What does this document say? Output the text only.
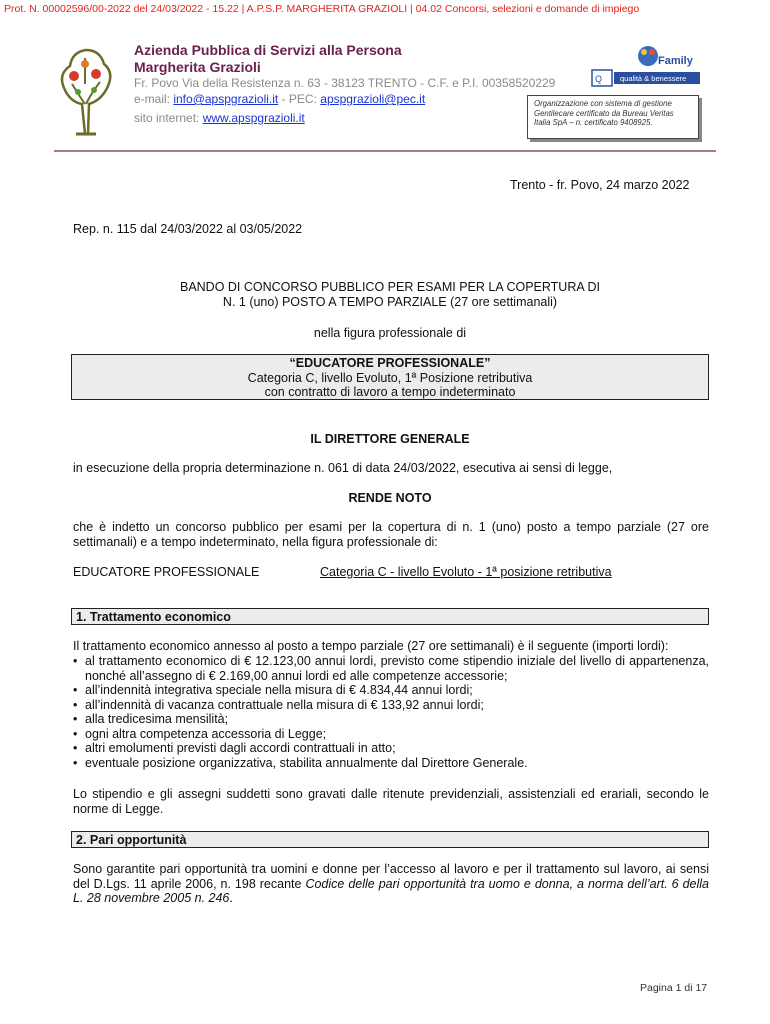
Prot. N. 00002596/00-2022 del 24/03/2022 - 15.22 | A.P.S.P. MARGHERITA GRAZIOLI | 04.02 Concorsi, selezioni e domande di impiego
Azienda Pubblica di Servizi alla Persona
Margherita Grazioli
Fr. Povo Via della Resistenza n. 63 - 38123 TRENTO - C.F. e P.I. 00358520229
e-mail: info@apspgrazioli.it - PEC: apspgrazioli@pec.it
sito internet: www.apspgrazioli.it
Family
Q qualità & benessere
Organizzazione con sistema di gestione Gentilecare certificato da Bureau Veritas Italia SpA – n. certificato 9408925.
Trento - fr. Povo, 24 marzo 2022
Rep. n. 115 dal 24/03/2022 al 03/05/2022
BANDO DI CONCORSO PUBBLICO PER ESAMI PER LA COPERTURA DI
N. 1 (uno) POSTO A TEMPO PARZIALE (27 ore settimanali)
nella figura professionale di
“EDUCATORE PROFESSIONALE”
Categoria C, livello Evoluto, 1ª Posizione retributiva
con contratto di lavoro a tempo indeterminato
IL DIRETTORE GENERALE
in esecuzione della propria determinazione n. 061 di data 24/03/2022, esecutiva ai sensi di legge,
RENDE NOTO
che è indetto un concorso pubblico per esami per la copertura di n. 1 (uno) posto a tempo parziale (27 ore settimanali) e a tempo indeterminato, nella figura professionale di:
EDUCATORE PROFESSIONALE	Categoria C - livello Evoluto - 1ª posizione retributiva
1. Trattamento economico
Il trattamento economico annesso al posto a tempo parziale (27 ore settimanali) è il seguente (importi lordi):
• al trattamento economico di € 12.123,00 annui lordi, previsto come stipendio iniziale del livello di appartenenza, nonché all’assegno di € 2.169,00 annui lordi ed alle competenze accessorie;
• all’indennità integrativa speciale nella misura di € 4.834,44 annui lordi;
• all’indennità di vacanza contrattuale nella misura di € 133,92 annui lordi;
• alla tredicesima mensilità;
• ogni altra competenza accessoria di Legge;
• altri emolumenti previsti dagli accordi contrattuali in atto;
• eventuale posizione organizzativa, stabilita annualmente dal Direttore Generale.
Lo stipendio e gli assegni suddetti sono gravati dalle ritenute previdenziali, assistenziali ed erariali, secondo le norme di Legge.
2. Pari opportunità
Sono garantite pari opportunità tra uomini e donne per l’accesso al lavoro e per il trattamento sul lavoro, ai sensi del D.Lgs. 11 aprile 2006, n. 198 recante Codice delle pari opportunità tra uomo e donna, a norma dell’art. 6 della L. 28 novembre 2005 n. 246.
Pagina 1 di 17
